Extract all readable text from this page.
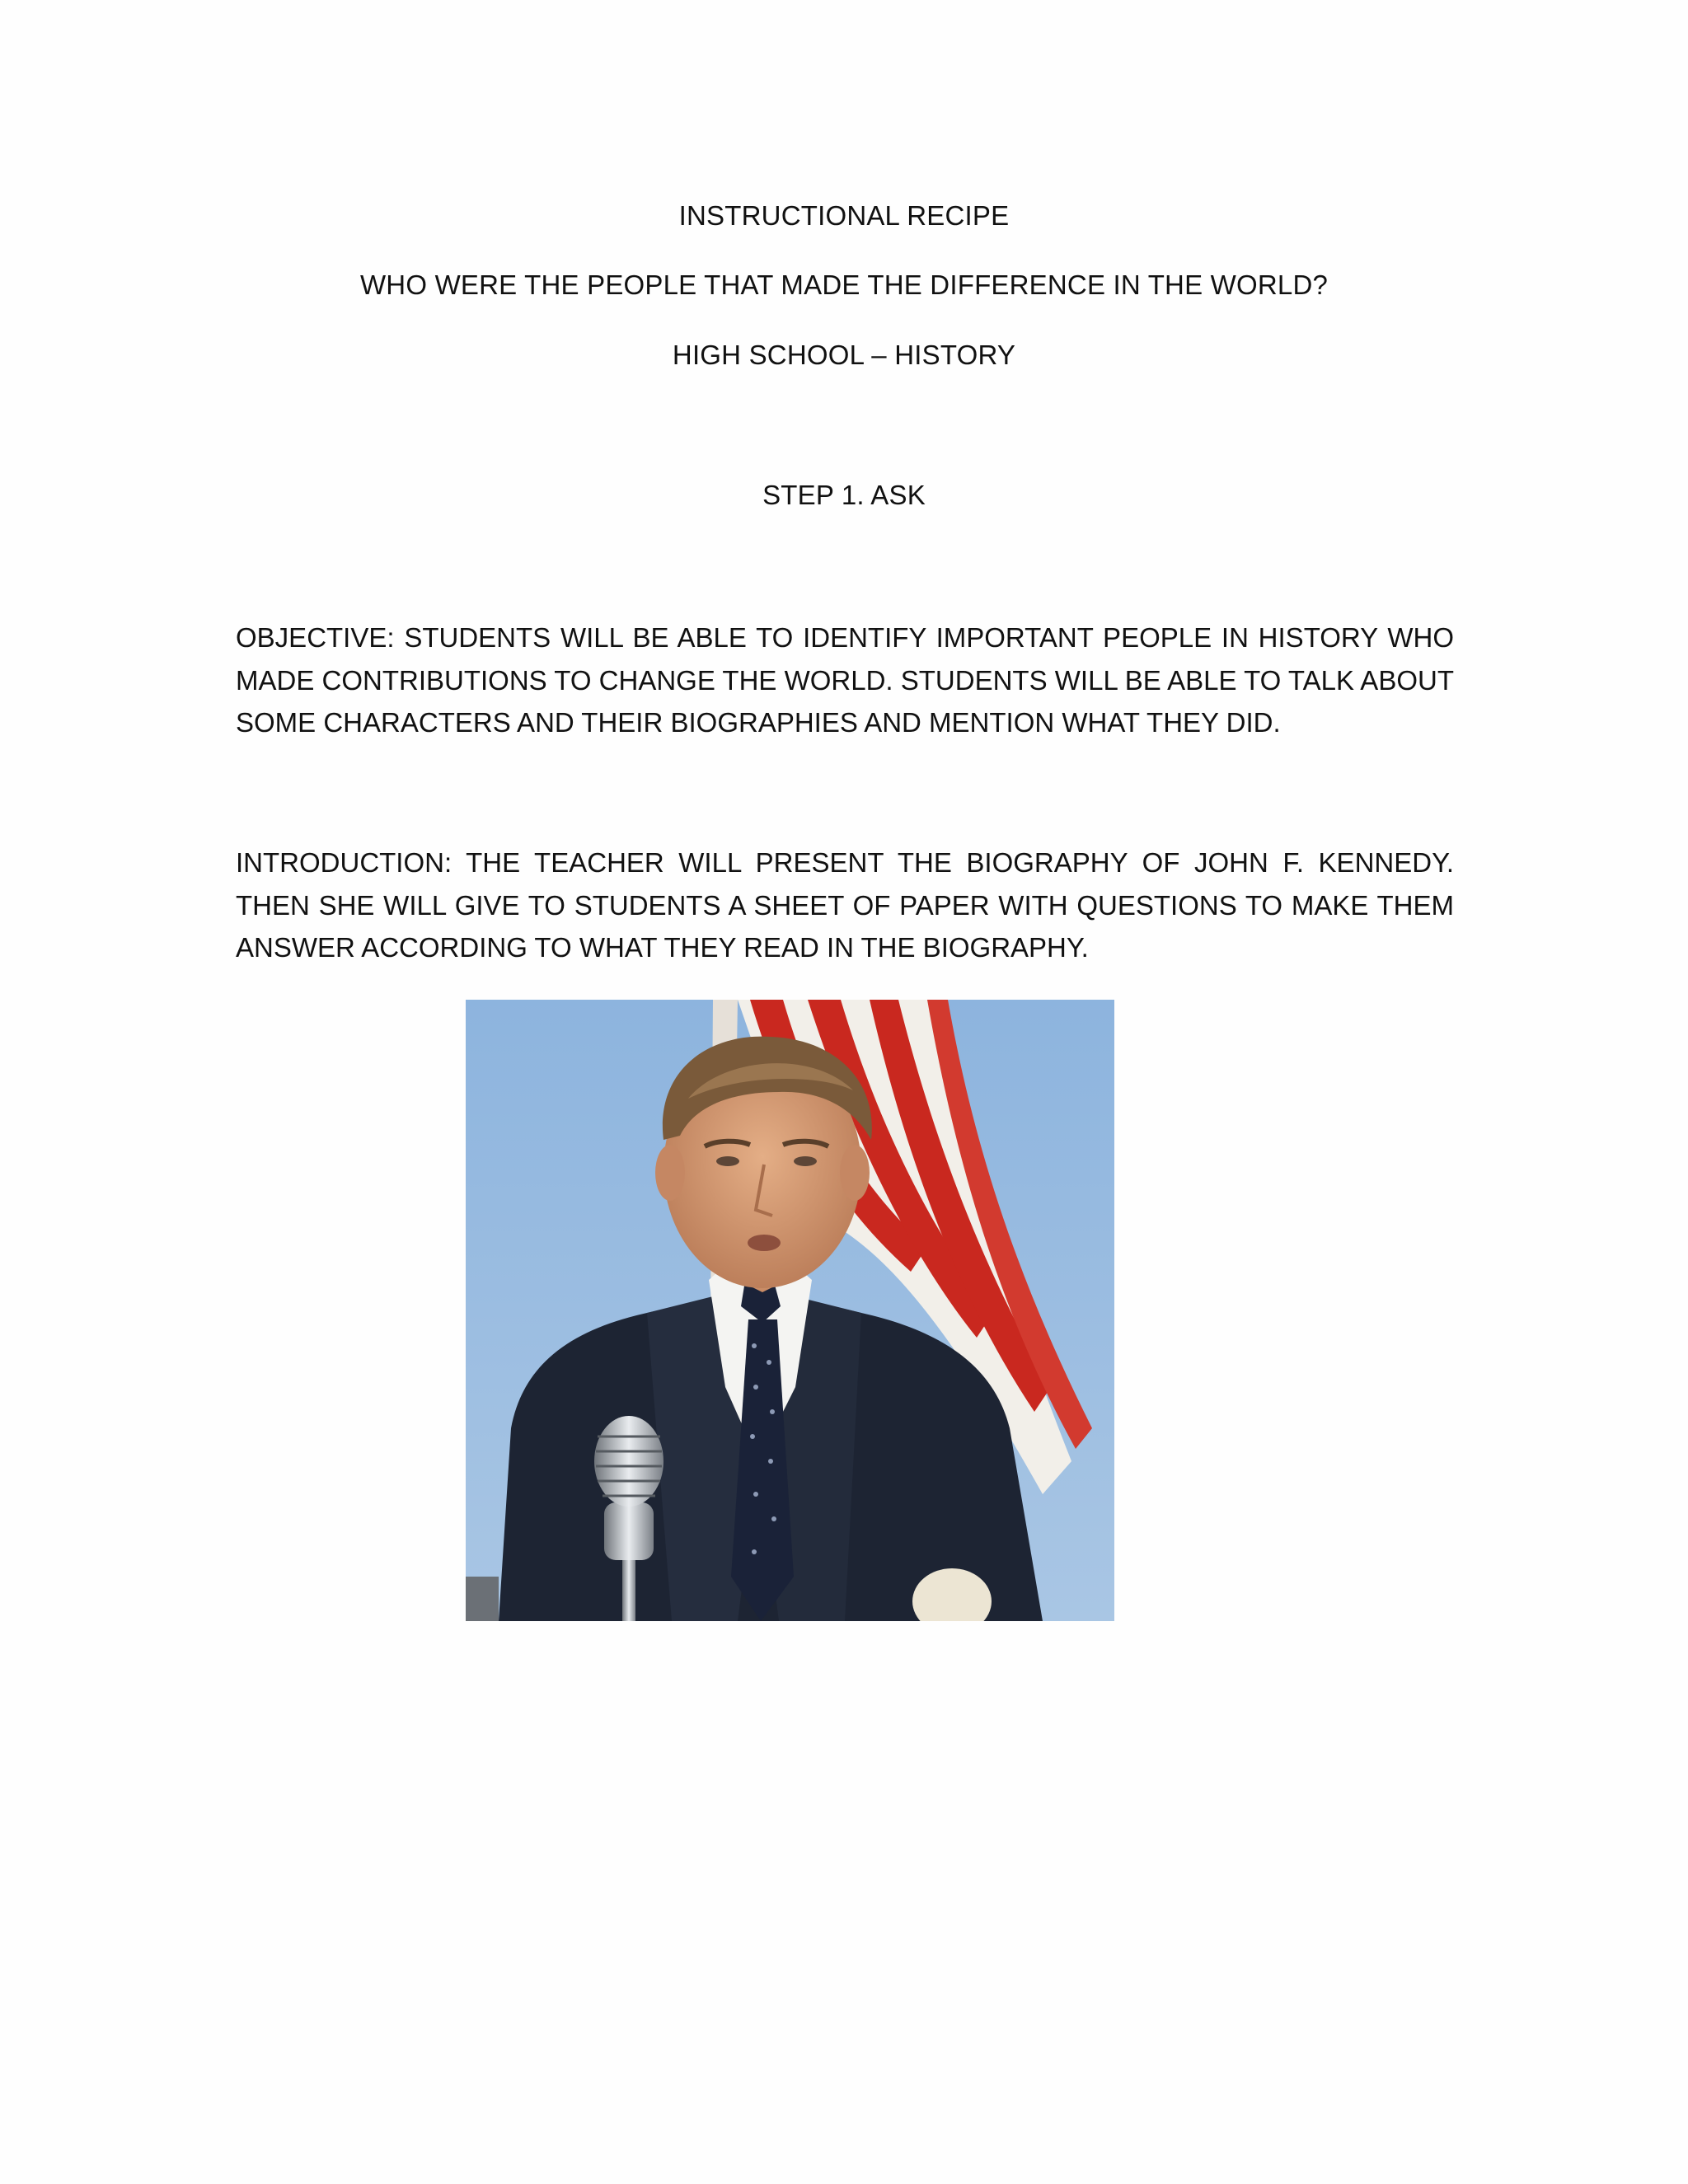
INSTRUCTIONAL RECIPE

WHO WERE THE PEOPLE THAT MADE THE DIFFERENCE IN THE WORLD?

HIGH SCHOOL – HISTORY

STEP 1. ASK

OBJECTIVE: STUDENTS WILL BE ABLE TO IDENTIFY IMPORTANT PEOPLE IN HISTORY WHO MADE CONTRIBUTIONS TO CHANGE THE WORLD. STUDENTS WILL BE ABLE TO TALK ABOUT SOME CHARACTERS AND THEIR BIOGRAPHIES AND MENTION WHAT THEY DID.

INTRODUCTION: THE TEACHER WILL PRESENT THE BIOGRAPHY OF JOHN F. KENNEDY. THEN SHE WILL GIVE TO STUDENTS A SHEET OF PAPER WITH QUESTIONS TO MAKE THEM ANSWER ACCORDING TO WHAT THEY READ IN THE BIOGRAPHY.
